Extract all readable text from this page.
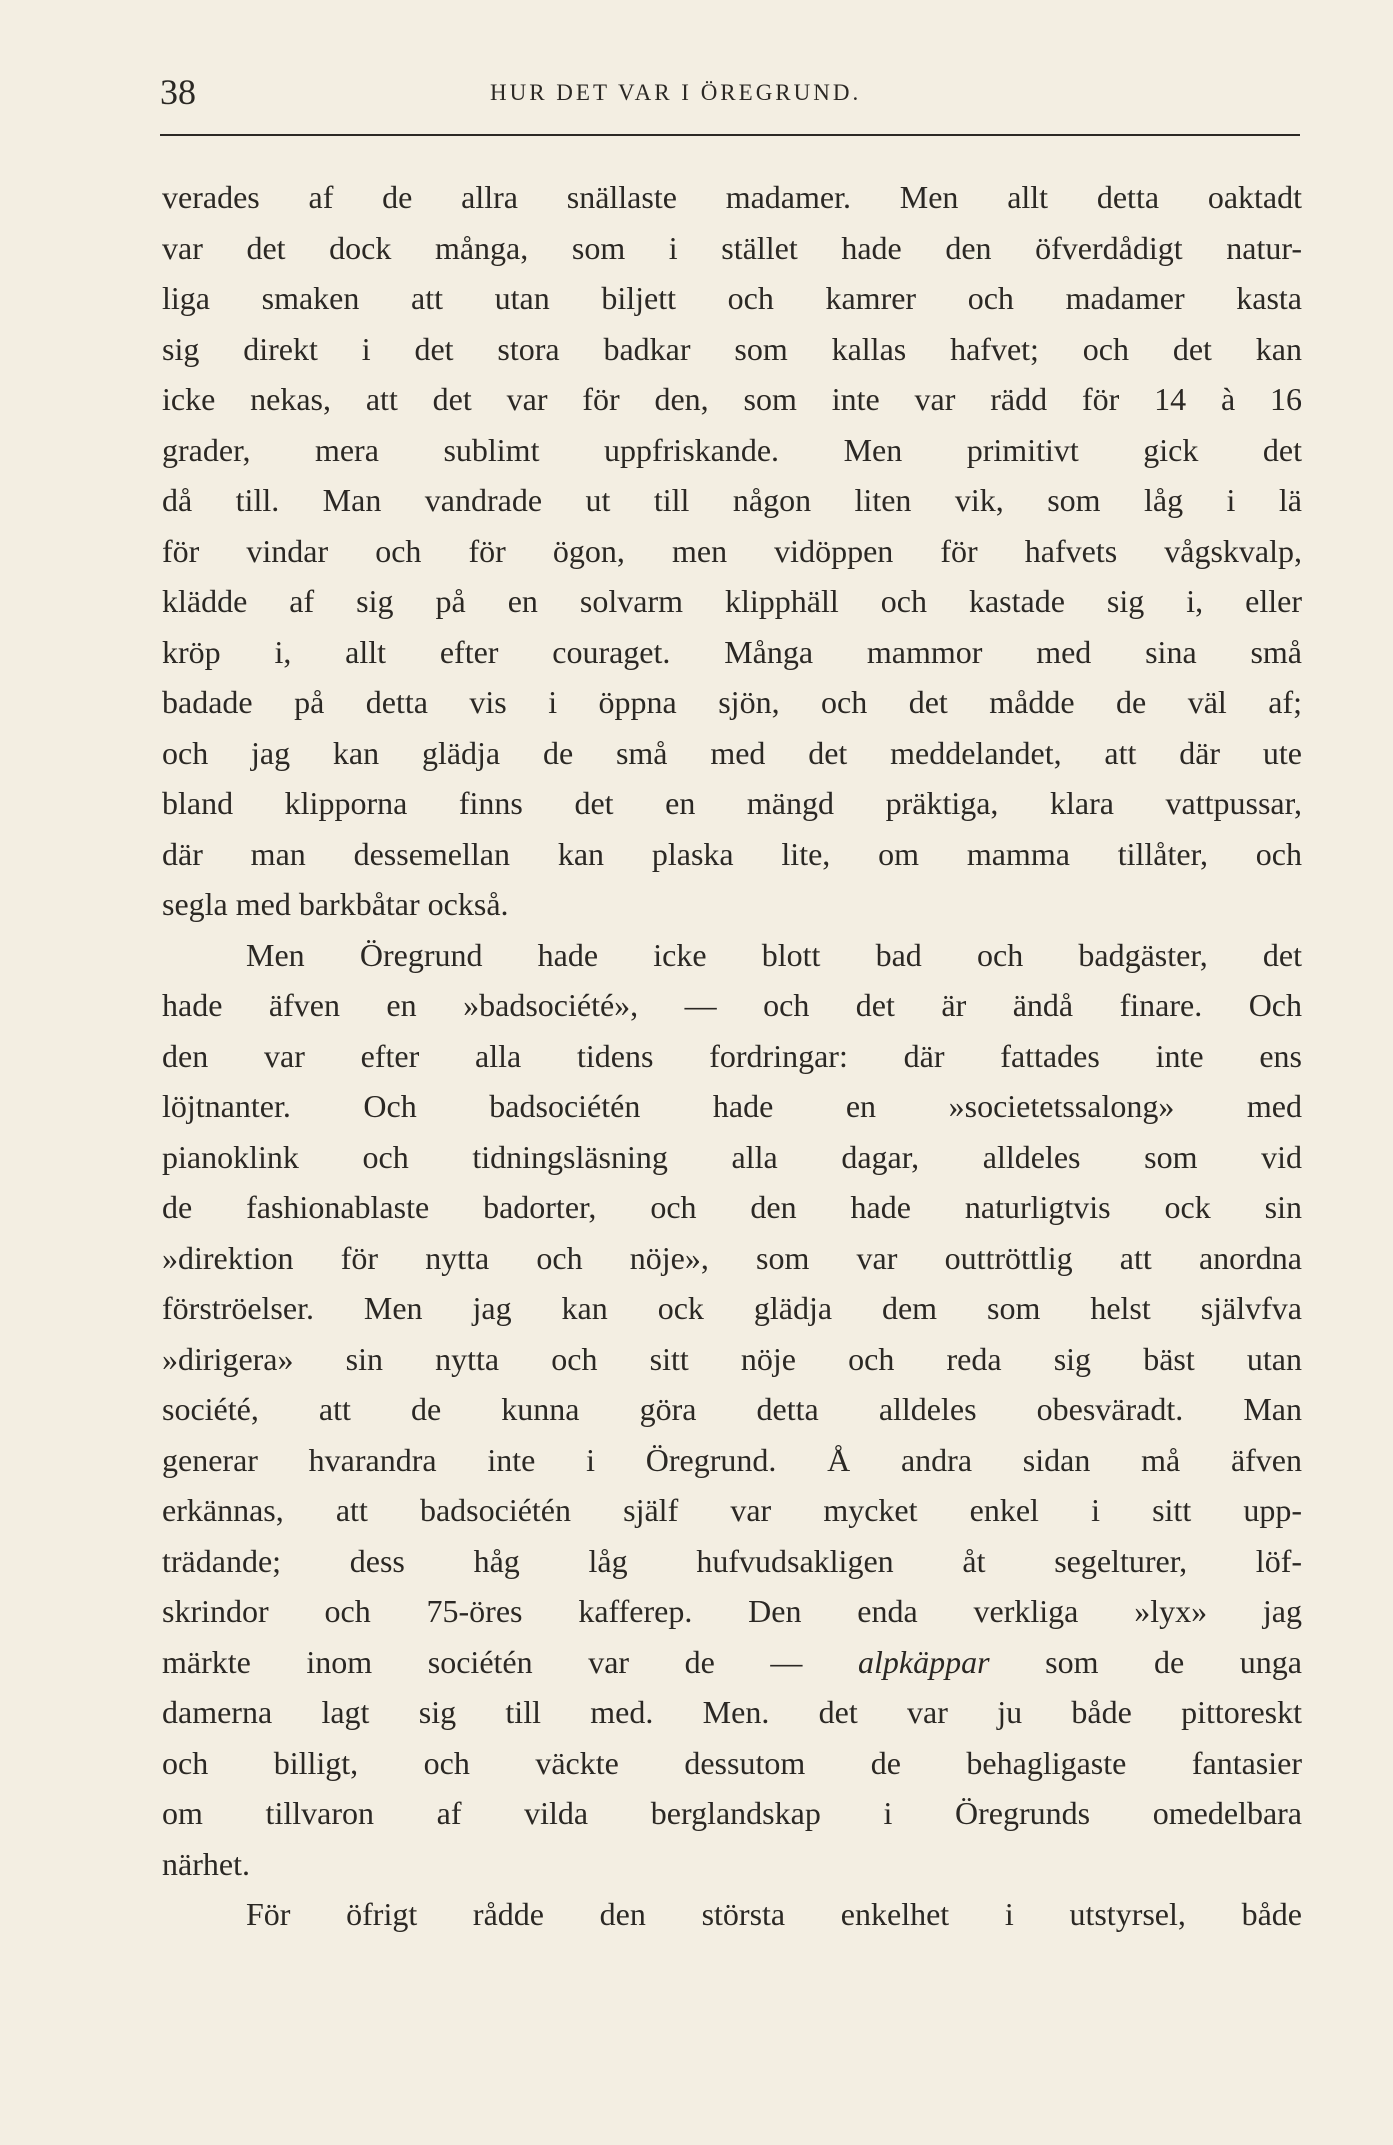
38	HUR DET VAR I ÖREGRUND.
verades af de allra snällaste madamer. Men allt detta oaktadt
var det dock många, som i stället hade den öfverdådigt natur-
liga smaken att utan biljett och kamrer och madamer kasta
sig direkt i det stora badkar som kallas hafvet; och det kan
icke nekas, att det var för den, som inte var rädd för 14 à 16
grader, mera sublimt uppfriskande. Men primitivt gick det
då till. Man vandrade ut till någon liten vik, som låg i lä
för vindar och för ögon, men vidöppen för hafvets vågskvalp,
klädde af sig på en solvarm klipphäll och kastade sig i, eller
kröp i, allt efter couraget. Många mammor med sina små
badade på detta vis i öppna sjön, och det mådde de väl af;
och jag kan glädja de små med det meddelandet, att där ute
bland klipporna finns det en mängd präktiga, klara vattpussar,
där man dessemellan kan plaska lite, om mamma tillåter, och
segla med barkbåtar också.
Men Öregrund hade icke blott bad och badgäster, det
hade äfven en »badsociété», — och det är ändå finare. Och
den var efter alla tidens fordringar: där fattades inte ens
löjtnanter. Och badsociétén hade en »societetssalong» med
pianoklink och tidningsläsning alla dagar, alldeles som vid
de fashionablaste badorter, och den hade naturligtvis ock sin
»direktion för nytta och nöje», som var outtröttlig att anordna
förströelser. Men jag kan ock glädja dem som helst självfva
»dirigera» sin nytta och sitt nöje och reda sig bäst utan
société, att de kunna göra detta alldeles obesväradt. Man
generar hvarandra inte i Öregrund. Å andra sidan må äfven
erkännas, att badsociétén själf var mycket enkel i sitt upp-
trädande; dess håg låg hufvudsakligen åt segelturer, löf-
skrindor och 75-öres kafferep. Den enda verkliga »lyx» jag
märkte inom sociétén var de — alpkäppar som de unga
damerna lagt sig till med. Men. det var ju både pittoreskt
och billigt, och väckte dessutom de behagligaste fantasier
om tillvaron af vilda berglandskap i Öregrunds omedelbara
närhet.
För öfrigt rådde den största enkelhet i utstyrsel, både
